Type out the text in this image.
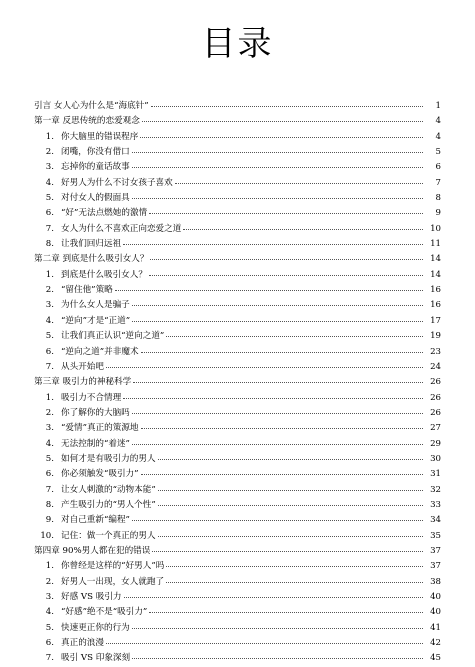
目录
引言 女人心为什么是“海底针”	1
第一章 反思传统的恋爱观念	4
1. 你大脑里的错误程序	4
2. 闭嘴，你没有借口	5
3. 忘掉你的童话故事	6
4. 好男人为什么不讨女孩子喜欢	7
5. 对付女人的假面具	8
6. “好”无法点燃她的激情	9
7. 女人为什么不喜欢正向恋爱之道	10
8. 让我们回归远祖	11
第二章 到底是什么吸引女人？	14
1. 到底是什么吸引女人？	14
2. “留住他”策略	16
3. 为什么女人是骗子	16
4. “逆向”才是“正道”	17
5. 让我们真正认识“逆向之道”	19
6. “逆向之道”并非魔术	23
7. 从头开始吧	24
第三章 吸引力的神秘科学	26
1. 吸引力不合情理	26
2. 你了解你的大脑吗	26
3. “爱情”真正的策源地	27
4. 无法控制的“着迷”	29
5. 如何才是有吸引力的男人	30
6. 你必须触发“吸引力”	31
7. 让女人刺激的“动物本能”	32
8. 产生吸引力的“男人个性”	33
9. 对自己重新“编程”	34
10. 记住：做一个真正的男人	35
第四章 90%男人都在犯的错误	37
1. 你曾经是这样的“好男人”吗	37
2. 好男人一出现，女人就跑了	38
3. 好感 VS 吸引力	40
4. “好感”绝不是“吸引力”	40
5. 快速更正你的行为	41
6. 真正的浪漫	42
7. 吸引 VS 印象深刻	45
